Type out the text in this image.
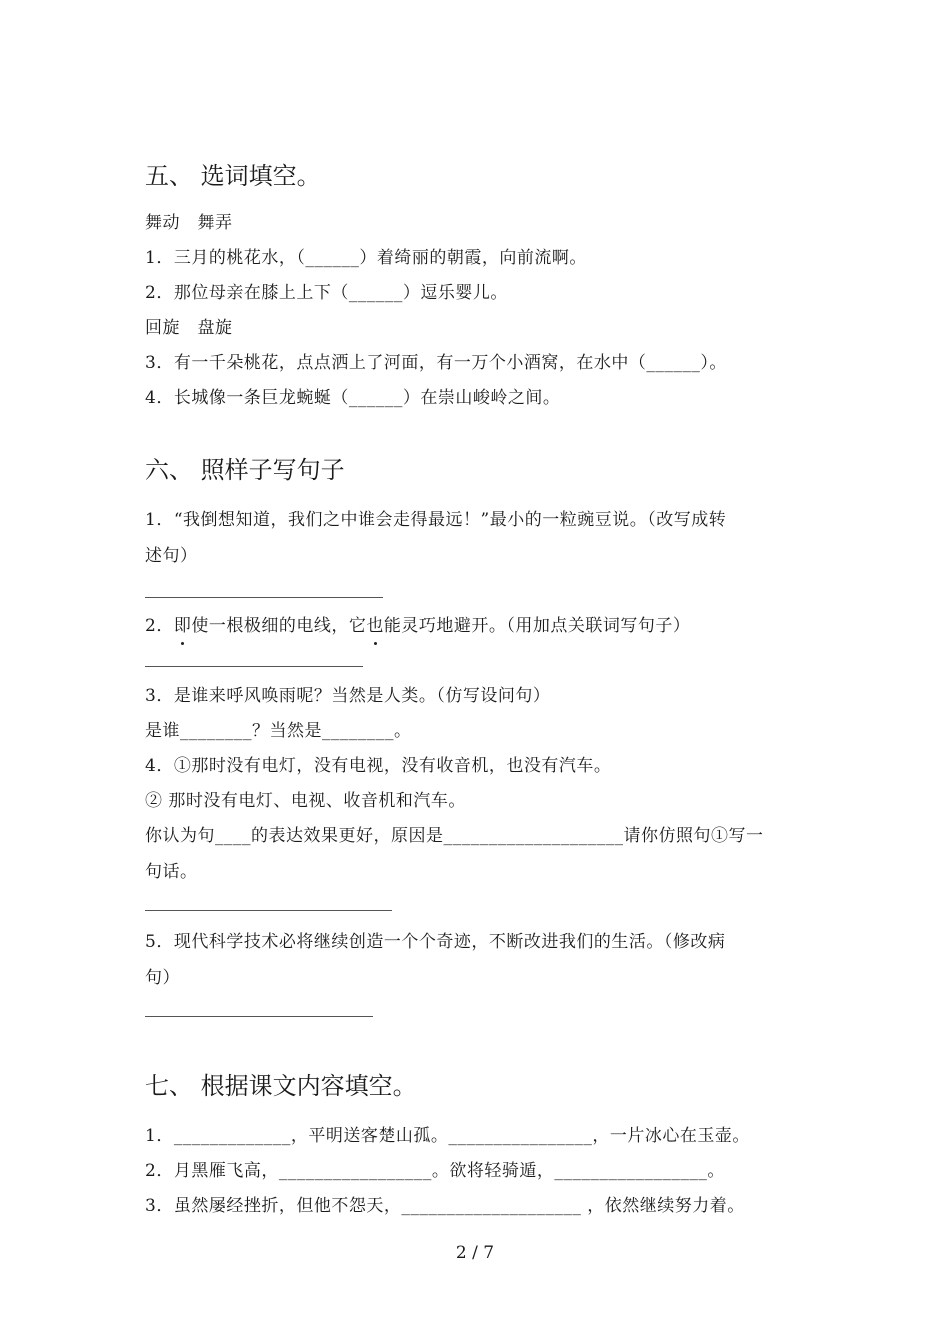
五、 选词填空。
舞动　舞弄
1．三月的桃花水，（______）着绮丽的朝霞，向前流啊。
2．那位母亲在膝上上下（______）逗乐婴儿。
回旋　盘旋
3．有一千朵桃花，点点洒上了河面，有一万个小酒窝，在水中（______）。
4．长城像一条巨龙蜿蜒（______）在崇山峻岭之间。
六、 照样子写句子
1．“我倒想知道，我们之中谁会走得最远！”最小的一粒豌豆说。（改写成转
述句）
2．即使一根极细的电线，它也能灵巧地避开。（用加点关联词写句子）
3．是谁来呼风唤雨呢？当然是人类。（仿写设问句）
是谁________？当然是________。
4．①那时没有电灯，没有电视，没有收音机，也没有汽车。
② 那时没有电灯、电视、收音机和汽车。
你认为句____的表达效果更好，原因是____________________请你仿照句①写一
句话。
5．现代科学技术必将继续创造一个个奇迹，不断改进我们的生活。（修改病
句）
七、 根据课文内容填空。
1．_____________，平明送客楚山孤。________________，一片冰心在玉壶。
2．月黑雁飞高，_________________。欲将轻骑遁，_________________。
3．虽然屡经挫折，但他不怨天，____________________ ，依然继续努力着。
2 / 7
